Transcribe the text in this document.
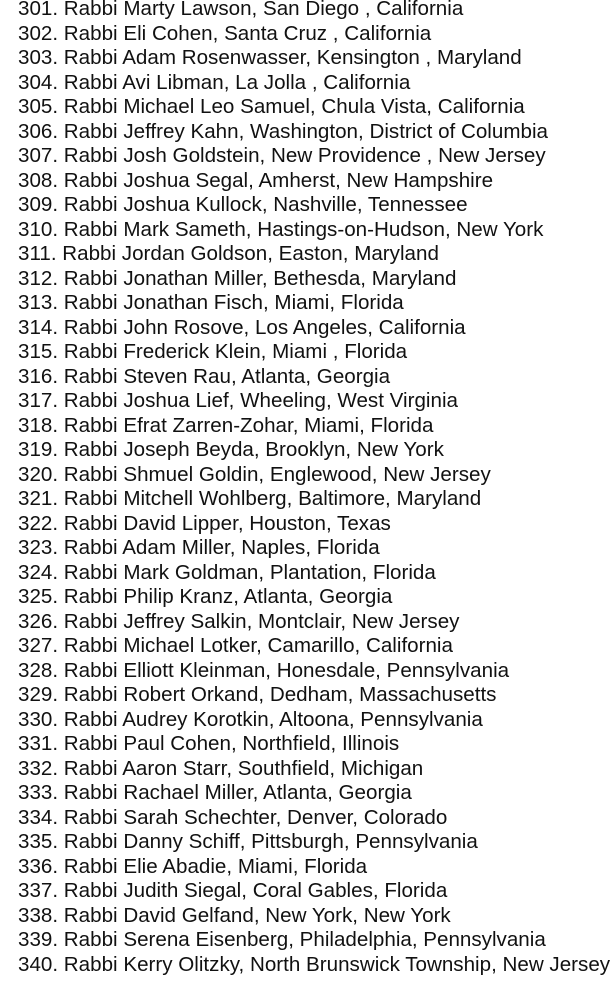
301. Rabbi Marty Lawson, San Diego , California
302. Rabbi Eli Cohen, Santa Cruz , California
303. Rabbi Adam Rosenwasser, Kensington , Maryland
304. Rabbi Avi Libman, La Jolla , California
305. Rabbi Michael Leo Samuel, Chula Vista, California
306. Rabbi Jeffrey Kahn, Washington, District of Columbia
307. Rabbi Josh Goldstein, New Providence , New Jersey
308. Rabbi Joshua Segal, Amherst, New Hampshire
309. Rabbi Joshua Kullock, Nashville, Tennessee
310. Rabbi Mark Sameth, Hastings-on-Hudson, New York
311. Rabbi Jordan Goldson, Easton, Maryland
312. Rabbi Jonathan Miller, Bethesda, Maryland
313. Rabbi Jonathan Fisch, Miami, Florida
314. Rabbi John Rosove, Los Angeles, California
315. Rabbi Frederick Klein, Miami , Florida
316. Rabbi Steven Rau, Atlanta, Georgia
317. Rabbi Joshua Lief, Wheeling, West Virginia
318. Rabbi Efrat Zarren-Zohar, Miami, Florida
319. Rabbi Joseph Beyda, Brooklyn, New York
320. Rabbi Shmuel Goldin, Englewood, New Jersey
321. Rabbi Mitchell Wohlberg, Baltimore, Maryland
322. Rabbi David Lipper, Houston, Texas
323. Rabbi Adam Miller, Naples, Florida
324. Rabbi Mark Goldman, Plantation, Florida
325. Rabbi Philip Kranz, Atlanta, Georgia
326. Rabbi Jeffrey Salkin, Montclair, New Jersey
327. Rabbi Michael Lotker, Camarillo, California
328. Rabbi Elliott Kleinman, Honesdale, Pennsylvania
329. Rabbi Robert Orkand, Dedham, Massachusetts
330. Rabbi Audrey Korotkin, Altoona, Pennsylvania
331. Rabbi Paul Cohen, Northfield, Illinois
332. Rabbi Aaron Starr, Southfield, Michigan
333. Rabbi Rachael Miller, Atlanta, Georgia
334. Rabbi Sarah Schechter, Denver, Colorado
335. Rabbi Danny Schiff, Pittsburgh, Pennsylvania
336. Rabbi Elie Abadie, Miami, Florida
337. Rabbi Judith Siegal, Coral Gables, Florida
338. Rabbi David Gelfand, New York, New York
339. Rabbi Serena Eisenberg, Philadelphia, Pennsylvania
340. Rabbi Kerry Olitzky, North Brunswick Township, New Jersey
